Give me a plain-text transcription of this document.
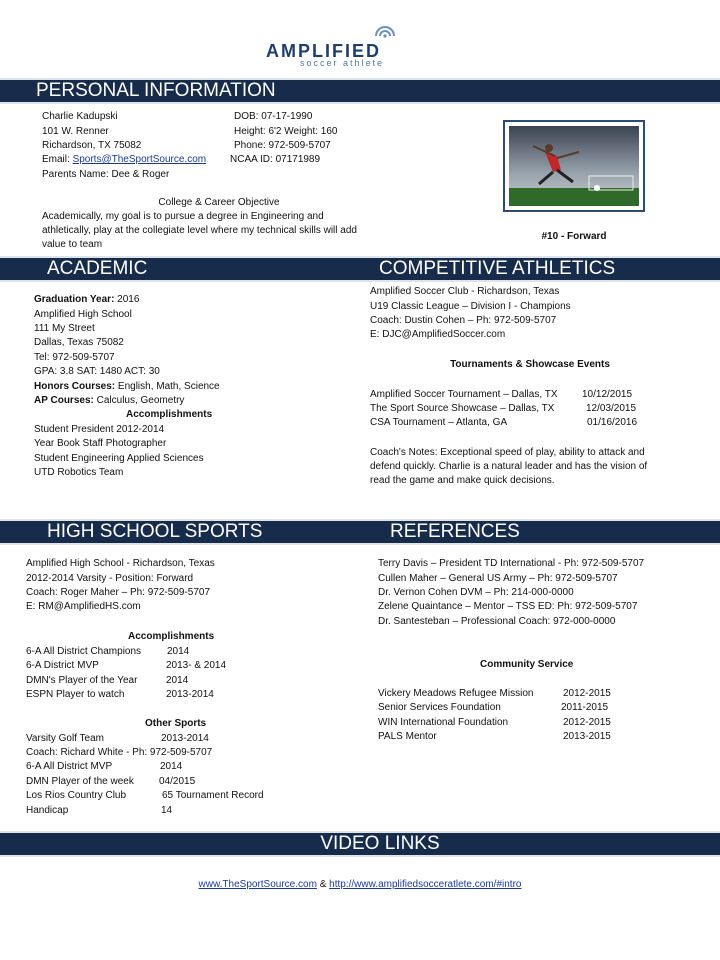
AMPLIFIED
soccer athlete
PERSONAL INFORMATION
Charlie Kadupski
101 W. Renner
Richardson, TX 75082
Email: Sports@TheSportSource.com
Parents Name: Dee & Roger
DOB: 07-17-1990
Height: 6'2 Weight: 160
Phone: 972-509-5707
NCAA ID: 07171989
College & Career Objective
Academically, my goal is to pursue a degree in Engineering and
athletically, play at the collegiate level where my technical skills will add
value to team
#10 - Forward
ACADEMIC	COMPETITIVE ATHLETICS
Graduation Year: 2016
Amplified High School
111 My Street
Dallas, Texas 75082
Tel: 972-509-5707
GPA: 3.8 SAT: 1480 ACT: 30
Honors Courses: English, Math, Science
AP Courses: Calculus, Geometry
Accomplishments
Student President 2012-2014
Year Book Staff Photographer
Student Engineering Applied Sciences
UTD Robotics Team
Amplified Soccer Club - Richardson, Texas
U19 Classic League – Division I - Champions
Coach: Dustin Cohen – Ph: 972-509-5707
E: DJC@AmplifiedSoccer.com
Tournaments & Showcase Events
Amplified Soccer Tournament – Dallas, TX 10/12/2015
The Sport Source Showcase – Dallas, TX	12/03/2015
CSA Tournament – Atlanta, GA	01/16/2016
Coach's Notes: Exceptional speed of play, ability to attack and
defend quickly. Charlie is a natural leader and has the vision of
read the game and make quick decisions.
HIGH SCHOOL SPORTS	REFERENCES
Amplified High School - Richardson, Texas
2012-2014 Varsity - Position: Forward
Coach: Roger Maher – Ph: 972-509-5707
E: RM@AmplifiedHS.com
Accomplishments
6-A All District Champions	2014
6-A District MVP	2013- & 2014
DMN's Player of the Year	2014
ESPN Player to watch	2013-2014
Other Sports
Varsity Golf Team	2013-2014
Coach: Richard White - Ph: 972-509-5707
6-A All District MVP	2014
DMN Player of the week	04/2015
Los Rios Country Club	65 Tournament Record
Handicap	14
Terry Davis – President TD International - Ph: 972-509-5707
Cullen Maher – General US Army – Ph: 972-509-5707
Dr. Vernon Cohen DVM – Ph: 214-000-0000
Zelene Quaintance – Mentor – TSS ED: Ph: 972-509-5707
Dr. Santesteban – Professional Coach: 972-000-0000
Community Service
Vickery Meadows Refugee Mission	2012-2015
Senior Services Foundation	2011-2015
WIN International Foundation	2012-2015
PALS Mentor	2013-2015
VIDEO LINKS
www.TheSportSource.com & http://www.amplifiedsocceratlete.com/#intro
